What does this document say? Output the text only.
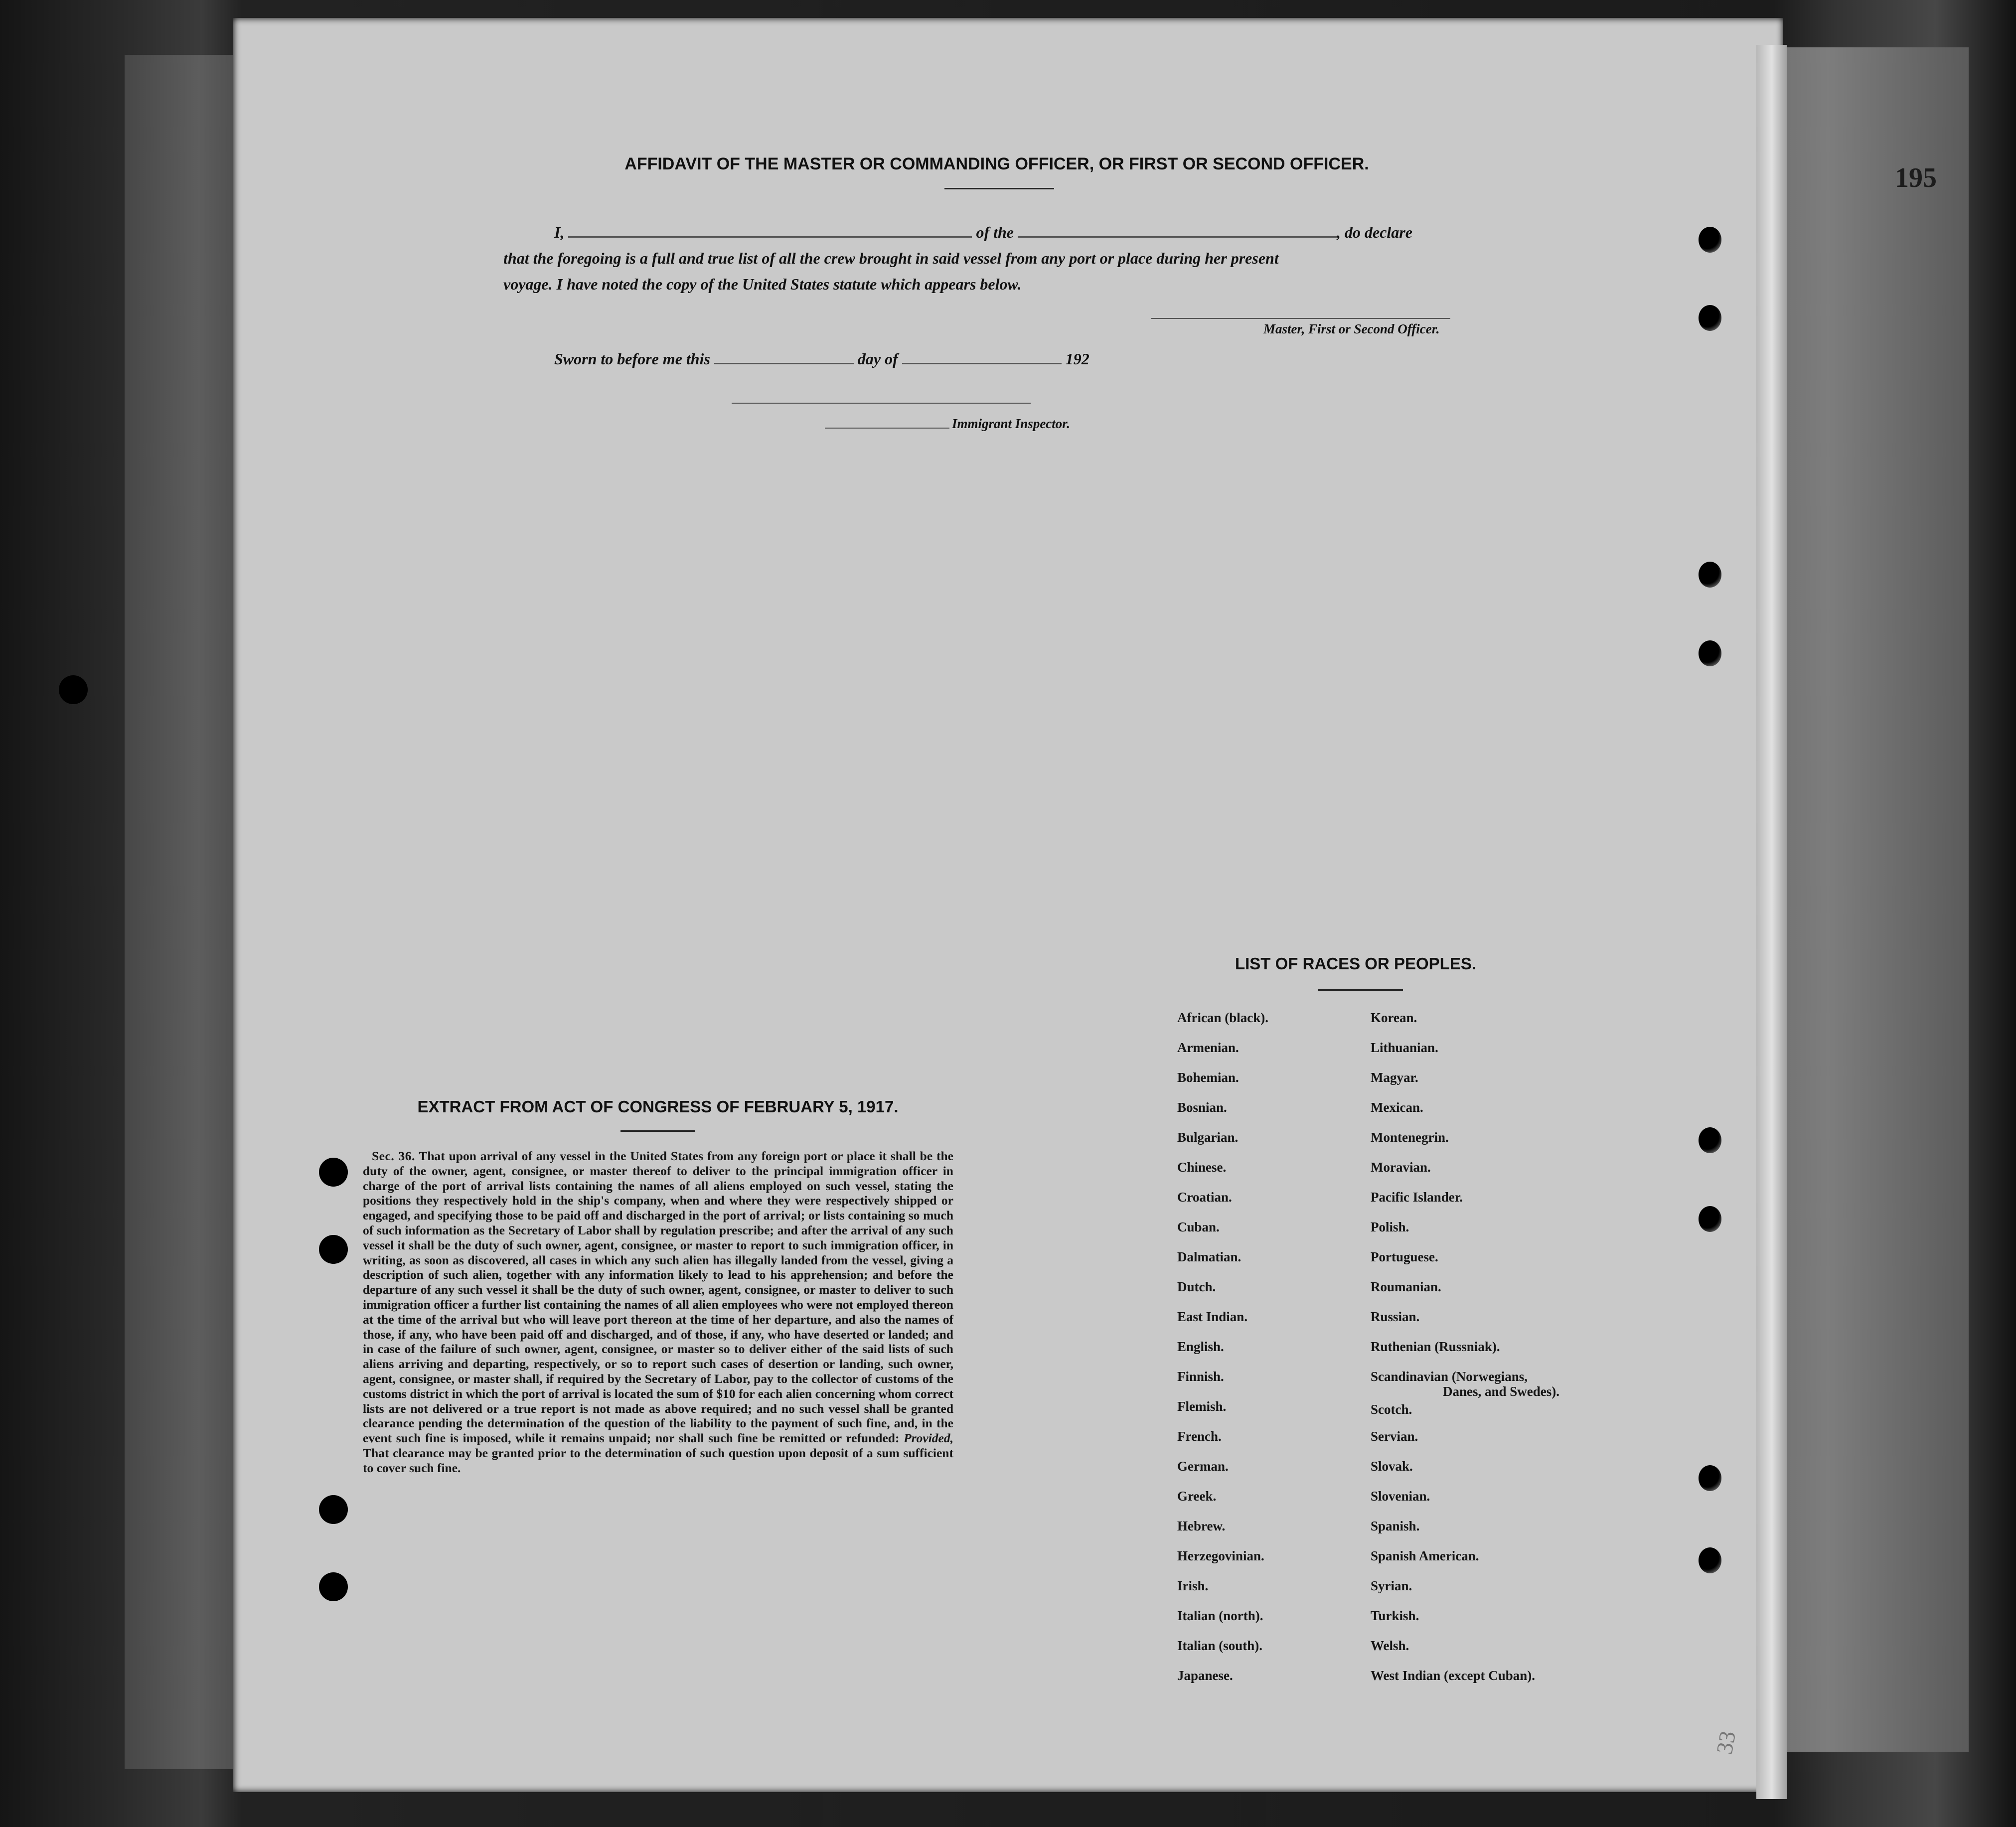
195
AFFIDAVIT OF THE MASTER OR COMMANDING OFFICER, OR FIRST OR SECOND OFFICER.
I,	of the	, do declare
that the foregoing is a full and true list of all the crew brought in said vessel from any port or place during her present
voyage. I have noted the copy of the United States statute which appears below.
Master, First or Second Officer.
Sworn to before me this	day of	192
Immigrant Inspector.
EXTRACT FROM ACT OF CONGRESS OF FEBRUARY 5, 1917.
Sec. 36. That upon arrival of any vessel in the United States from any foreign port or place it shall be the duty of the owner, agent, consignee, or master thereof to deliver to the principal immigration officer in charge of the port of arrival lists containing the names of all aliens employed on such vessel, stating the positions they respectively hold in the ship's company, when and where they were respectively shipped or engaged, and specifying those to be paid off and discharged in the port of arrival; or lists containing so much of such information as the Secretary of Labor shall by regulation prescribe; and after the arrival of any such vessel it shall be the duty of such owner, agent, consignee, or master to report to such immigration officer, in writing, as soon as discovered, all cases in which any such alien has illegally landed from the vessel, giving a description of such alien, together with any information likely to lead to his apprehension; and before the departure of any such vessel it shall be the duty of such owner, agent, consignee, or master to deliver to such immigration officer a further list containing the names of all alien employees who were not employed thereon at the time of the arrival but who will leave port thereon at the time of her departure, and also the names of those, if any, who have been paid off and discharged, and of those, if any, who have deserted or landed; and in case of the failure of such owner, agent, consignee, or master so to deliver either of the said lists of such aliens arriving and departing, respectively, or so to report such cases of desertion or landing, such owner, agent, consignee, or master shall, if required by the Secretary of Labor, pay to the collector of customs of the customs district in which the port of arrival is located the sum of $10 for each alien concerning whom correct lists are not delivered or a true report is not made as above required; and no such vessel shall be granted clearance pending the determination of the question of the liability to the payment of such fine, and, in the event such fine is imposed, while it remains unpaid; nor shall such fine be remitted or refunded: Provided, That clearance may be granted prior to the determination of such question upon deposit of a sum sufficient to cover such fine.
LIST OF RACES OR PEOPLES.
African (black).
Armenian.
Bohemian.
Bosnian.
Bulgarian.
Chinese.
Croatian.
Cuban.
Dalmatian.
Dutch.
East Indian.
English.
Finnish.
Flemish.
French.
German.
Greek.
Hebrew.
Herzegovinian.
Irish.
Italian (north).
Italian (south).
Japanese.
Korean.
Lithuanian.
Magyar.
Mexican.
Montenegrin.
Moravian.
Pacific Islander.
Polish.
Portuguese.
Roumanian.
Russian.
Ruthenian (Russniak).
Scandinavian (Norwegians,
Danes, and Swedes).
Scotch.
Servian.
Slovak.
Slovenian.
Spanish.
Spanish American.
Syrian.
Turkish.
Welsh.
West Indian (except Cuban).
33
